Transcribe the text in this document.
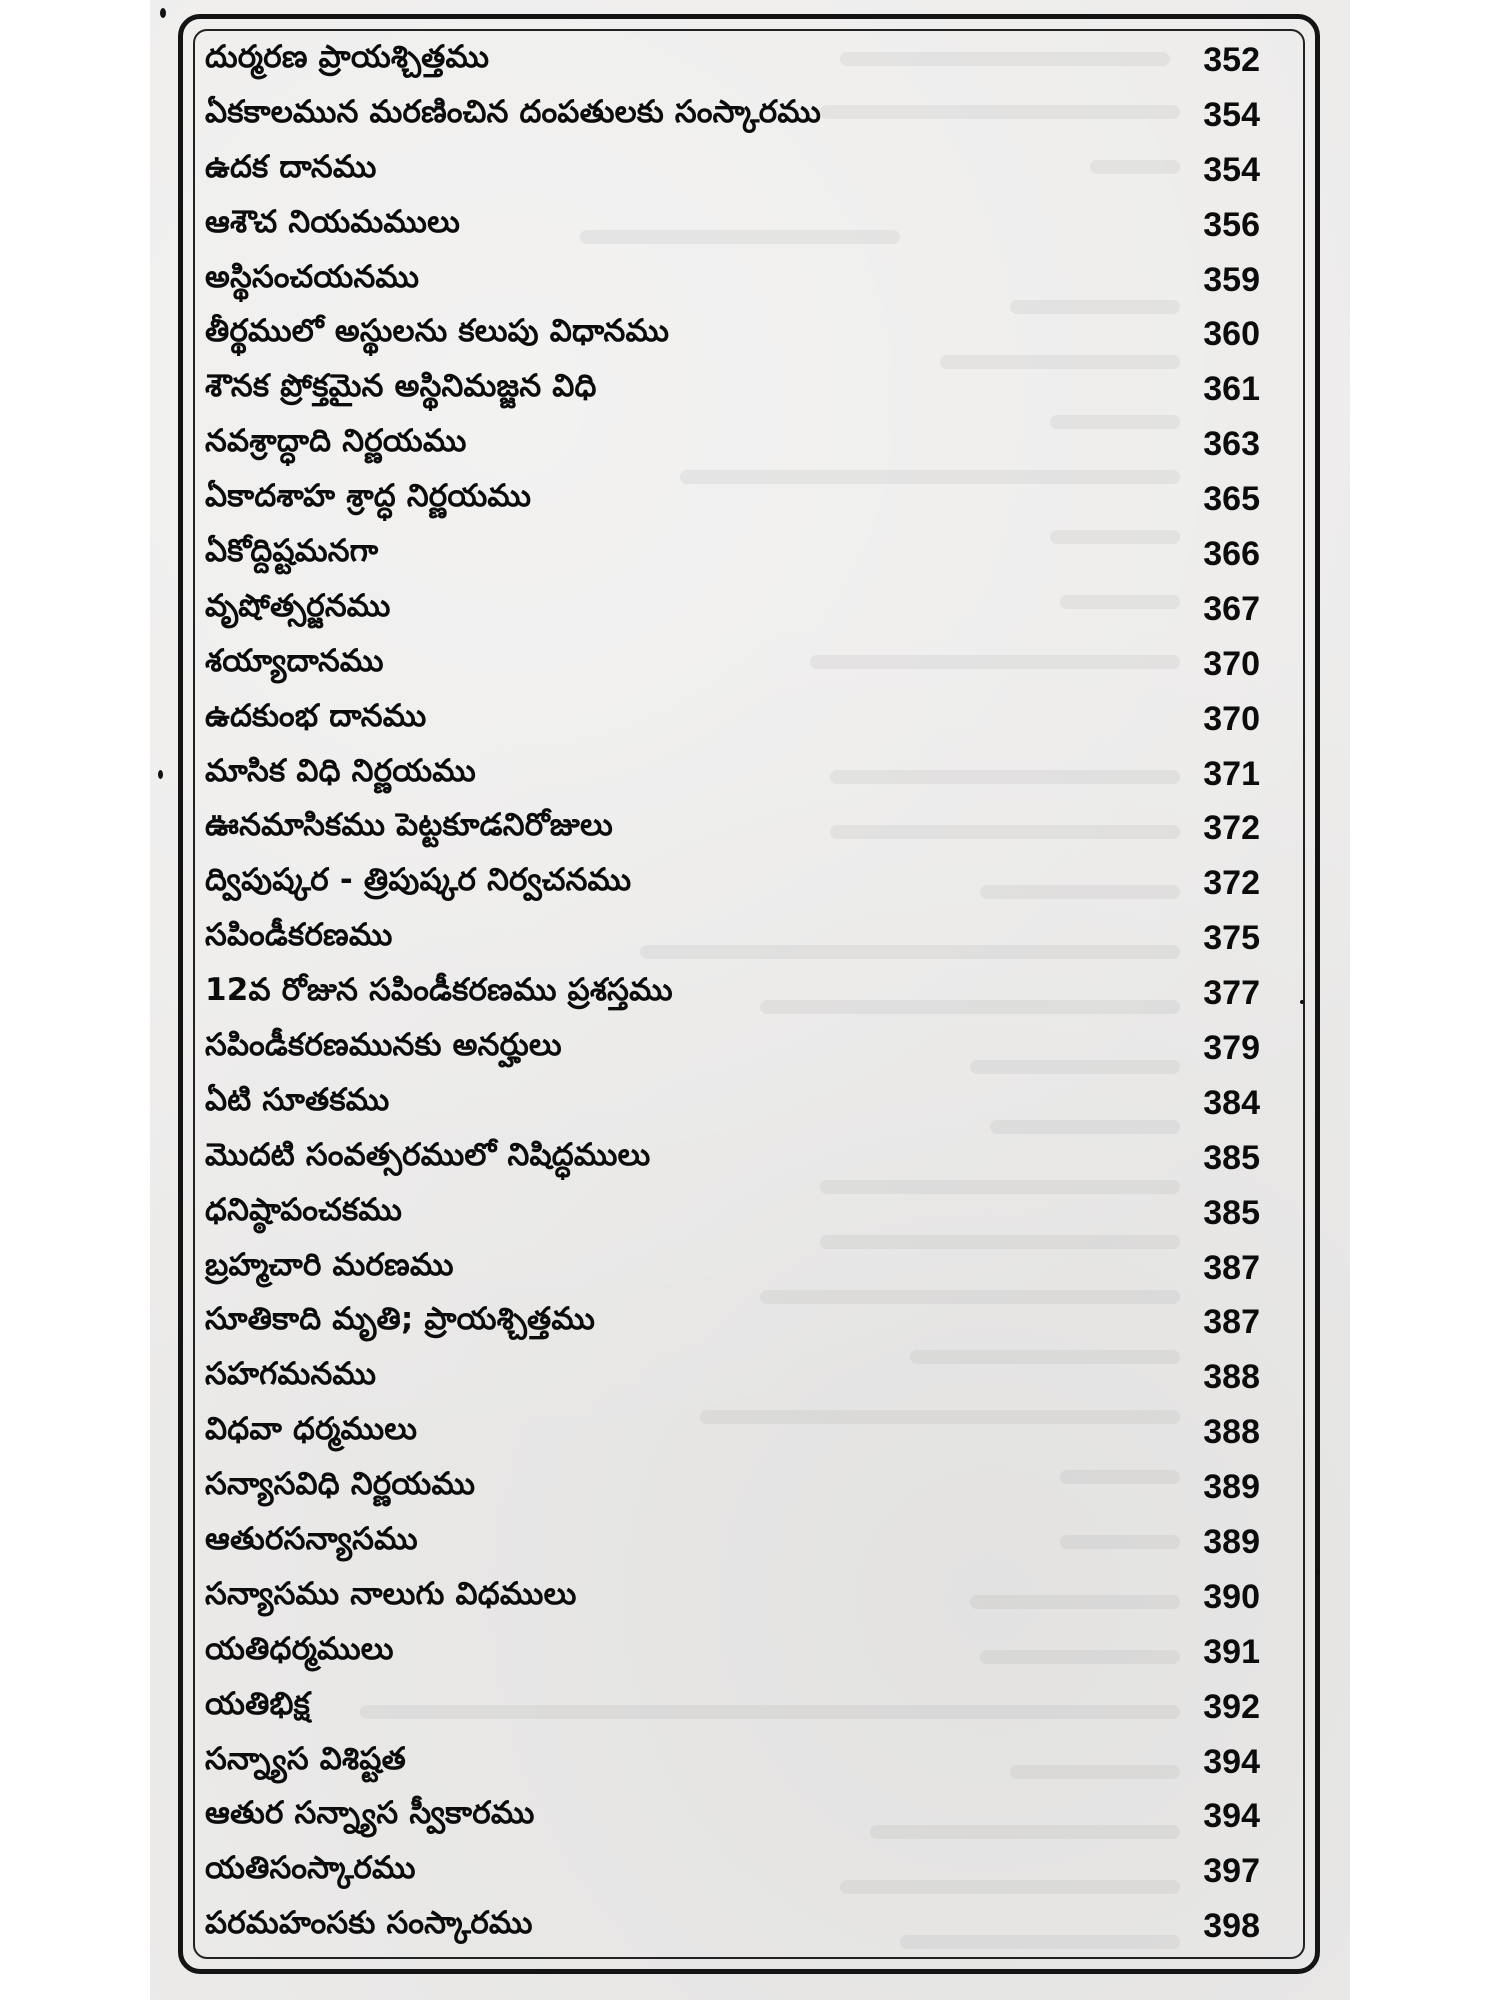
దుర్మరణ ప్రాయశ్చిత్తము	352
ఏకకాలమున మరణించిన దంపతులకు సంస్కారము	354
ఉదక దానము	354
ఆశౌచ నియమములు	356
అస్థిసంచయనము	359
తీర్థములో అస్థులను కలుపు విధానము	360
శౌనక ప్రోక్తమైన అస్థినిమజ్జన విధి	361
నవశ్రాద్ధాది నిర్ణయము	363
ఏకాదశాహ శ్రాద్ధ నిర్ణయము	365
ఏకోద్దిష్టమనగా	366
వృషోత్సర్జనము	367
శయ్యాదానము	370
ఉదకుంభ దానము	370
మాసిక విధి నిర్ణయము	371
ఊనమాసికము పెట్టకూడనిరోజులు	372
ద్విపుష్కర - త్రిపుష్కర నిర్వచనము	372
సపిండీకరణము	375
12వ రోజున సపిండీకరణము ప్రశస్తము	377
సపిండీకరణమునకు అనర్హులు	379
ఏటి సూతకము	384
మొదటి సంవత్సరములో నిషిద్ధములు	385
ధనిష్ఠాపంచకము	385
బ్రహ్మచారి మరణము	387
సూతికాది మృతి; ప్రాయశ్చిత్తము	387
సహగమనము	388
విధవా ధర్మములు	388
సన్యాసవిధి నిర్ణయము	389
ఆతురసన్యాసము	389
సన్యాసము నాలుగు విధములు	390
యతిధర్మములు	391
యతిభిక్ష	392
సన్న్యాస విశిష్టత	394
ఆతుర సన్న్యాస స్వీకారము	394
యతిసంస్కారము	397
పరమహంసకు సంస్కారము	398
